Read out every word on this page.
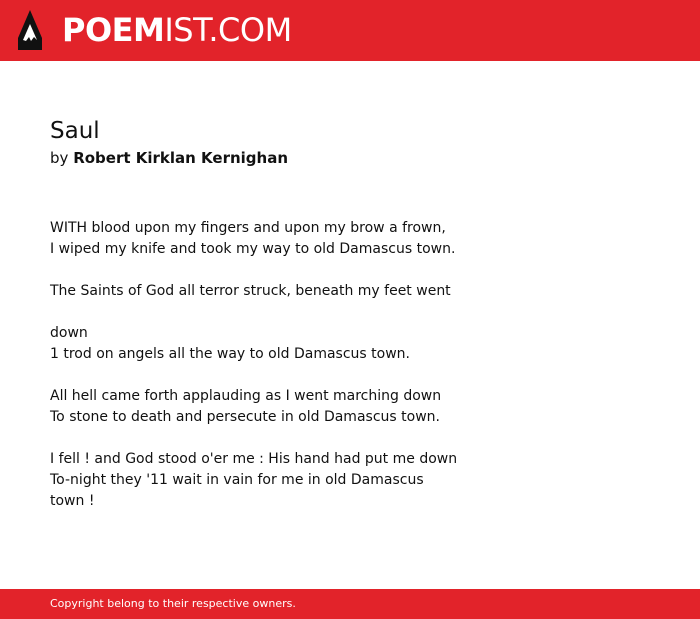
POEMIST.COM
Saul
by Robert Kirklan Kernighan
WITH blood upon my fingers and upon my brow a frown,
I wiped my knife and took my way to old Damascus town.
The Saints of God all terror struck, beneath my feet went
down
1 trod on angels all the way to old Damascus town.
All hell came forth applauding as I went marching down
To stone to death and persecute in old Damascus town.
I fell ! and God stood o'er me : His hand had put me down
To-night they '11 wait in vain for me in old Damascus
town !
Copyright belong to their respective owners.
